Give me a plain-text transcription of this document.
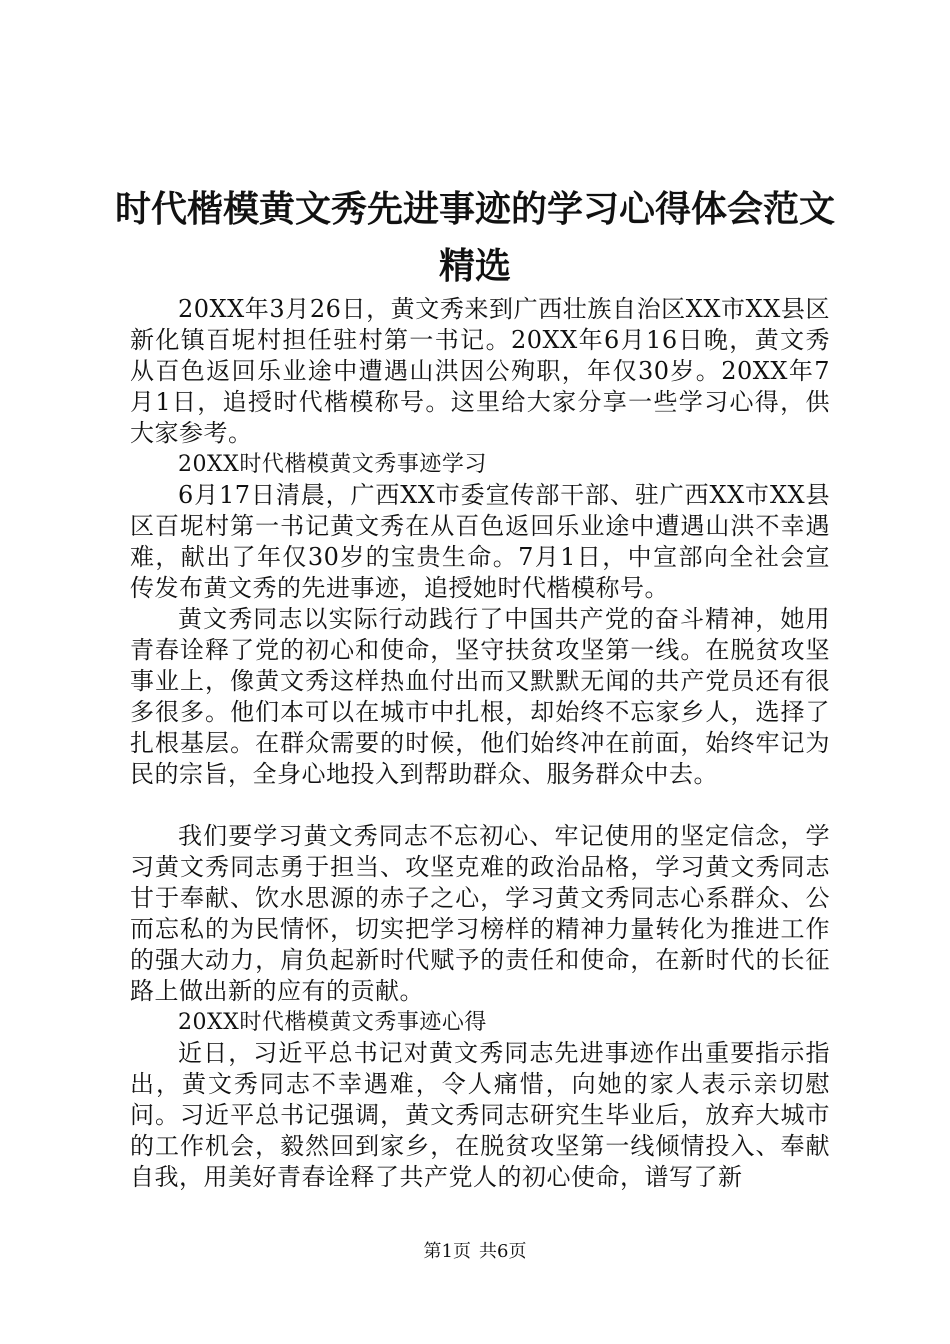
时代楷模黄文秀先进事迹的学习心得体会范文
精选

20XX年3月26日，黄文秀来到广西壮族自治区XX市XX县区新化镇百坭村担任驻村第一书记。20XX年6月16日晚，黄文秀从百色返回乐业途中遭遇山洪因公殉职，年仅30岁。20XX年7月1日，追授时代楷模称号。这里给大家分享一些学习心得，供大家参考。

20XX时代楷模黄文秀事迹学习

6月17日清晨，广西XX市委宣传部干部、驻广西XX市XX县区百坭村第一书记黄文秀在从百色返回乐业途中遭遇山洪不幸遇难，献出了年仅30岁的宝贵生命。7月1日，中宣部向全社会宣传发布黄文秀的先进事迹，追授她时代楷模称号。

黄文秀同志以实际行动践行了中国共产党的奋斗精神，她用青春诠释了党的初心和使命，坚守扶贫攻坚第一线。在脱贫攻坚事业上，像黄文秀这样热血付出而又默默无闻的共产党员还有很多很多。他们本可以在城市中扎根，却始终不忘家乡人，选择了扎根基层。在群众需要的时候，他们始终冲在前面，始终牢记为民的宗旨，全身心地投入到帮助群众、服务群众中去。

我们要学习黄文秀同志不忘初心、牢记使用的坚定信念，学习黄文秀同志勇于担当、攻坚克难的政治品格，学习黄文秀同志甘于奉献、饮水思源的赤子之心，学习黄文秀同志心系群众、公而忘私的为民情怀，切实把学习榜样的精神力量转化为推进工作的强大动力，肩负起新时代赋予的责任和使命，在新时代的长征路上做出新的应有的贡献。

20XX时代楷模黄文秀事迹心得

近日，习近平总书记对黄文秀同志先进事迹作出重要指示指出，黄文秀同志不幸遇难，令人痛惜，向她的家人表示亲切慰问。习近平总书记强调，黄文秀同志研究生毕业后，放弃大城市的工作机会，毅然回到家乡，在脱贫攻坚第一线倾情投入、奉献自我，用美好青春诠释了共产党人的初心使命，谱写了新

第1页 共6页
